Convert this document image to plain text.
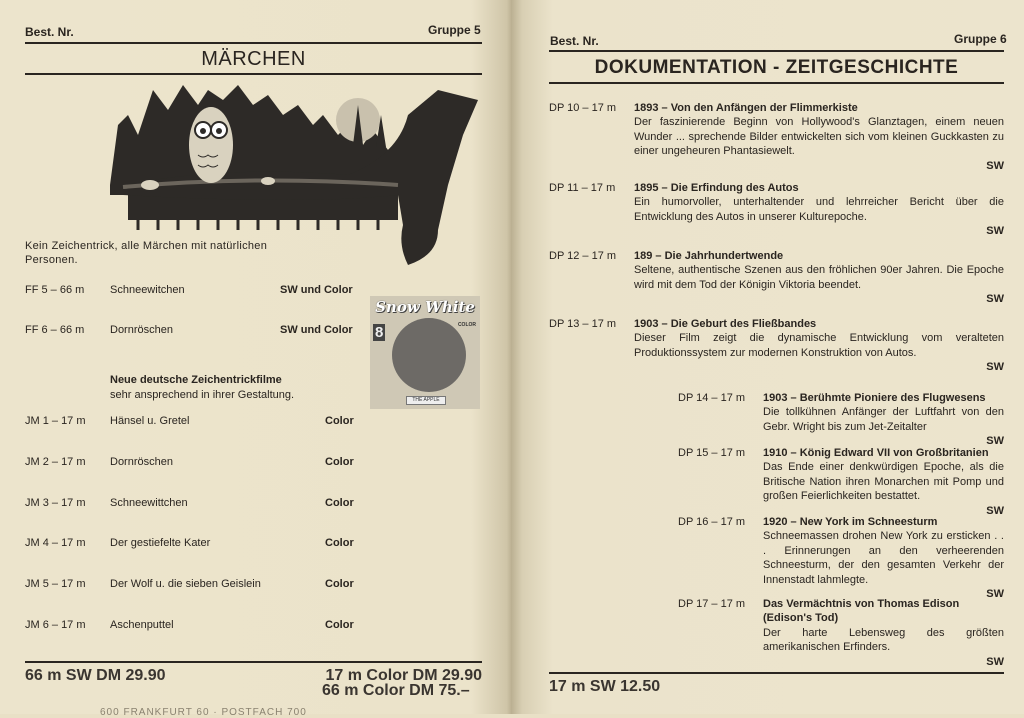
Best. Nr.	Gruppe 5
MÄRCHEN
Kein Zeichentrick, alle Märchen mit natürlichen Personen.
FF 5 – 66 m Schneewitchen	SW und Color
FF 6 – 66 m Dornröschen	SW und Color
Snow White
8	COLOR
THE APPLE
Neue deutsche Zeichentrickfilme
sehr ansprechend in ihrer Gestaltung.
JM 1 – 17 m Hänsel u. Gretel	Color
JM 2 – 17 m Dornröschen	Color
JM 3 – 17 m Schneewittchen	Color
JM 4 – 17 m Der gestiefelte Kater	Color
JM 5 – 17 m Der Wolf u. die sieben Geislein	Color
JM 6 – 17 m Aschenputtel	Color
66 m SW DM 29.90	17 m Color DM 29.90
66 m Color DM 75.–
600 FRANKFURT 60 · POSTFACH 700
Best. Nr.	Gruppe 6
DOKUMENTATION - ZEITGESCHICHTE
DP 10 – 17 m 1893 – Von den Anfängen der Flimmerkiste
Der faszinierende Beginn von Hollywood's Glanztagen, einem neuen Wunder ... sprechende Bilder entwickelten sich vom kleinen Guckkasten zu einer ungeheuren Phantasiewelt.
SW
DP 11 – 17 m 1895 – Die Erfindung des Autos
Ein humorvoller, unterhaltender und lehrreicher Bericht über die Entwicklung des Autos in unserer Kulturepoche.
SW
DP 12 – 17 m 189 – Die Jahrhundertwende
Seltene, authentische Szenen aus den fröhlichen 90er Jahren. Die Epoche wird mit dem Tod der Königin Viktoria beendet.
SW
DP 13 – 17 m 1903 – Die Geburt des Fließbandes
Dieser Film zeigt die dynamische Entwicklung vom veralteten Produktionssystem zur modernen Konstruktion von Autos.
SW
DP 14 – 17 m 1903 – Berühmte Pioniere des Flugwesens
Die tollkühnen Anfänger der Luftfahrt von den Gebr. Wright bis zum Jet-Zeitalter
SW
DP 15 – 17 m 1910 – König Edward VII von Großbritanien
Das Ende einer denkwürdigen Epoche, als die Britische Nation ihren Monarchen mit Pomp und großen Feierlichkeiten bestattet.
SW
DP 16 – 17 m 1920 – New York im Schneesturm
Schneemassen drohen New York zu ersticken . . . Erinnerungen an den verheerenden Schneesturm, der den gesamten Verkehr der Innenstadt lahmlegte.
SW
DP 17 – 17 m Das Vermächtnis von Thomas Edison (Edison's Tod)
Der harte Lebensweg des größten amerikanischen Erfinders.
SW
17 m SW 12.50
